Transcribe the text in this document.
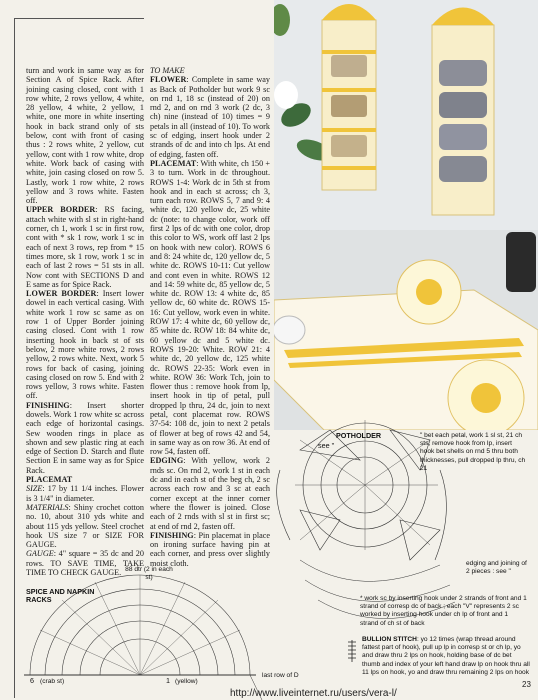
turn and work in same way as for Section A of Spice Rack. After joining casing closed, cont with 1 row white, 2 rows yellow, 4 white, 28 yellow, 4 white, 2 yellow, 1 white, one more in white inserting hook in back strand only of sts below, cont with front of casing thus : 2 rows white, 2 yellow, cut yellow, cont with 1 row white, drop white. Work back of casing with white, join casing closed on row 5. Lastly, work 1 row white, 2 rows yellow and 3 rows white. Fasten off.

UPPER BORDER: RS facing, attach white with sl st in right-hand corner, ch 1, work 1 sc in first row, cont with * sk 1 row, work 1 sc in each of next 3 rows, rep from * 15 times more, sk 1 row, work 1 sc in each of last 2 rows = 51 sts in all. Now cont with SECTIONS D and E same as for Spice Rack.

LOWER BORDER: Insert lower dowel in each vertical casing. With white work 1 row sc same as on row 1 of Upper Border joining casing closed. Cont with 1 row inserting hook in back st of sts below, 2 more white rows, 2 rows yellow, 2 rows white. Next, work 5 rows for back of casing, joining casing closed on row 5. End with 2 rows yellow, 3 rows white. Fasten off.

FINISHING: Insert shorter dowels. Work 1 row white sc across each edge of horizontal casings. Sew wooden rings in place as shown and sew plastic ring at each edge of Section D. Starch and flute Section E in same way as for Spice Rack.

PLACEMAT

SIZE: 17 by 11 1/4 inches. Flower is 3 1/4" in diameter.

MATERIALS: Shiny crochet cotton no. 10, about 310 yds white and about 115 yds yellow. Steel crochet hook US size 7 or SIZE FOR GAUGE.

GAUGE: 4" square = 35 dc and 20 rows. TO SAVE TIME, TAKE TIME TO CHECK GAUGE.

TO MAKE

FLOWER: Complete in same way as Back of Potholder but work 9 sc on rnd 1, 18 sc (instead of 20) on rnd 2, and on rnd 3 work (2 dc, 3 ch) nine (instead of 10) times = 9 petals in all (instead of 10). To work sc of edging, insert hook under 2 strands of dc and into ch lps. At end of edging, fasten off.

PLACEMAT: With white, ch 150 + 3 to turn. Work in dc throughout. ROWS 1-4: Work dc in 5th st from hook and in each st across; ch 3, turn each row. ROWS 5, 7 and 9: 4 white dc, 120 yellow dc, 25 white dc (note: to change color, work off first 2 lps of dc with one color, drop this color to WS, work off last 2 lps on hook with new color). ROWS 6 and 8: 24 white dc, 120 yellow dc, 5 white dc. ROWS 10-11: Cut yellow and cont even in white. ROWS 12 and 14: 59 white dc, 85 yellow dc, 5 white dc. ROW 13: 4 white dc, 85 yellow dc, 60 white dc. ROWS 15-16: Cut yellow, work even in white. ROW 17: 4 white dc, 60 yellow dc, 85 white dc. ROW 18: 84 white dc, 60 yellow dc and 5 white dc. ROWS 19-20: White. ROW 21: 4 white dc, 20 yellow dc, 125 white dc. ROWS 22-35: Work even in white. ROW 36: Work Tch, join to flower thus : remove hook from lp, insert hook in tip of petal, pull dropped lp thru, 24 dc, join to next petal, cont placemat row. ROWS 37-54: 108 dc, join to next 2 petals of flower at beg of rows 42 and 54, in same way as on row 36. At end of row 54, fasten off.

EDGING: With yellow, work 2 rnds sc. On rnd 2, work 1 st in each dc and in each st of the beg ch, 2 sc across each row and 3 sc at each corner except at the inner corner where the flower is joined. Close each of 2 rnds with sl st in first sc; at end of rnd 2, fasten off.

FINISHING: Pin placemat in place on ironing surface having pin at each corner, and press over slightly moist cloth.

POTHOLDER
see "
" bet each petal, work 1 sl st, 21 ch sts, remove hook from lp, insert hook bet shells on rnd 5 thru both thicknesses, pull dropped lp thru, ch 21
edging and joining of 2 pieces : see "
* work sc by inserting hook under 2 strands of front and 1 strand of corresp dc of back ; each "V" represents 2 sc worked by inserting hook under ch lp of front and 1 strand of ch st of back
BULLION STITCH: yo 12 times (wrap thread around fattest part of hook), pull up lp in corresp st or ch lp, yo and draw thru 2 lps on hook, holding base of dc bet thumb and index of your left hand draw lp on hook thru all 11 lps on hook, yo and draw thru remaining 2 lps on hook
SPICE AND NAPKIN RACKS
88 dtr (2 in each st)
6 (crab st)	1 (yellow)
last row of D
http://www.liveinternet.ru/users/vera-l/
23
